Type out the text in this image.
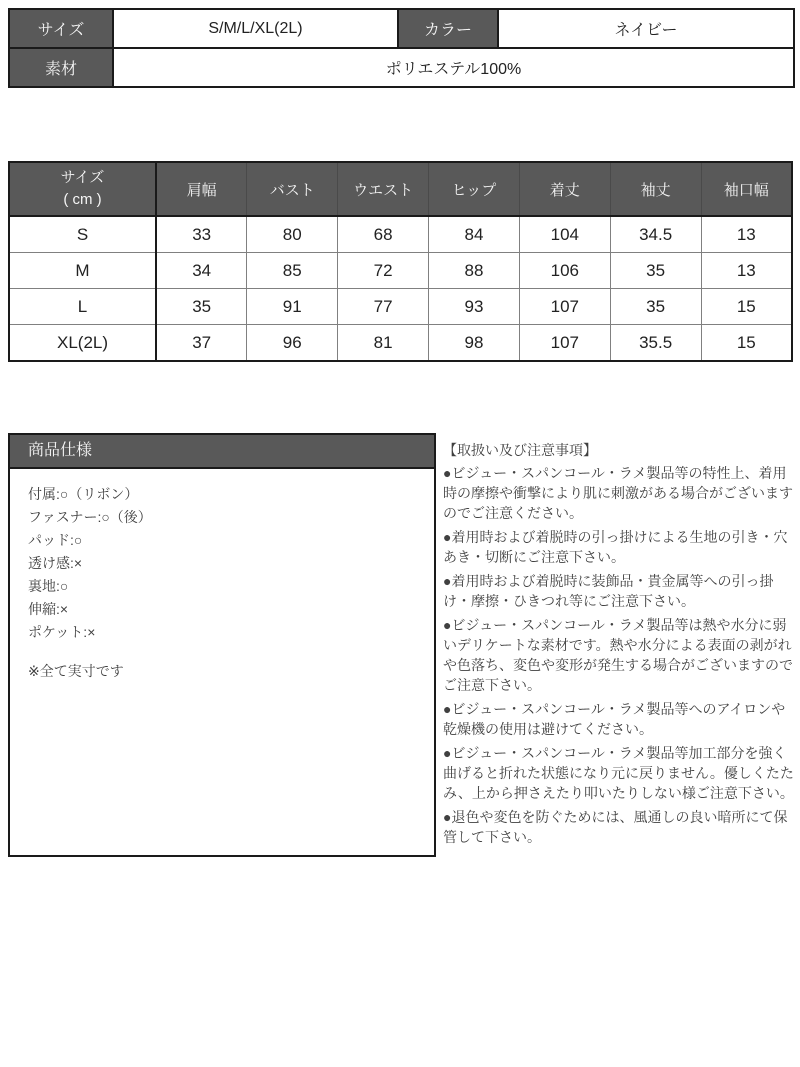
サイズ	S/M/L/XL(2L)	カラー	ネイビー
素材	ポリエステル100%		
サイズ
( cm )	肩幅	バスト	ウエスト	ヒップ	着丈	袖丈	袖口幅
S	33	80	68	84	104	34.5	13
M	34	85	72	88	106	35	13
L	35	91	77	93	107	35	15
XL(2L)	37	96	81	98	107	35.5	15
商品仕様
付属:○（リボン）
ファスナー:○（後）
パッド:○
透け感:×
裏地:○
伸縮:×
ポケット:×
※全て実寸です

【取扱い及び注意事項】

●ビジュー・スパンコール・ラメ製品等の特性上、着用時の摩擦や衝撃により肌に刺激がある場合がございますのでご注意ください。

●着用時および着脱時の引っ掛けによる生地の引き・穴あき・切断にご注意下さい。

●着用時および着脱時に装飾品・貴金属等への引っ掛け・摩擦・ひきつれ等にご注意下さい。

●ビジュー・スパンコール・ラメ製品等は熱や水分に弱いデリケートな素材です。熱や水分による表面の剥がれや色落ち、変色や変形が発生する場合がございますのでご注意下さい。

●ビジュー・スパンコール・ラメ製品等へのアイロンや乾燥機の使用は避けてください。

●ビジュー・スパンコール・ラメ製品等加工部分を強く曲げると折れた状態になり元に戻りません。優しくたたみ、上から押さえたり叩いたりしない様ご注意下さい。

●退色や変色を防ぐためには、風通しの良い暗所にて保管して下さい。
